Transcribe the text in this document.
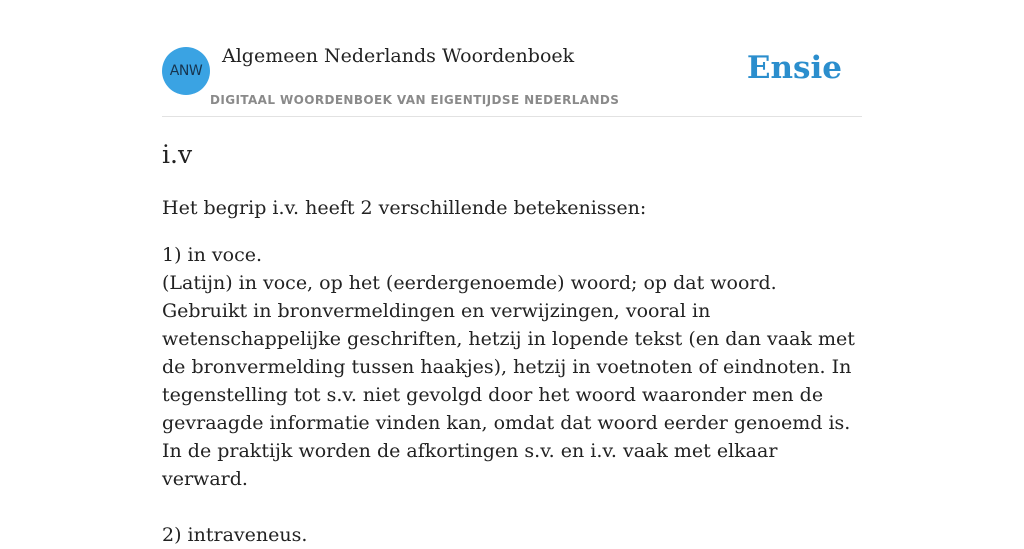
ANW
Algemeen Nederlands Woordenboek
DIGITAAL WOORDENBOEK VAN EIGENTIJDSE NEDERLANDS
Ensie
i.v

Het begrip i.v. heeft 2 verschillende betekenissen:

1) in voce.
(Latijn) in voce, op het (eerdergenoemde) woord; op dat woord.
Gebruikt in bronvermeldingen en verwijzingen, vooral in wetenschappelijke geschriften, hetzij in lopende tekst (en dan vaak met de bronvermelding tussen haakjes), hetzij in voetnoten of eindnoten. In tegenstelling tot s.v. niet gevolgd door het woord waaronder men de gevraagde informatie vinden kan, omdat dat woord eerder genoemd is. In de praktijk worden de afkortingen s.v. en i.v. vaak met elkaar verward.
2) intraveneus.
